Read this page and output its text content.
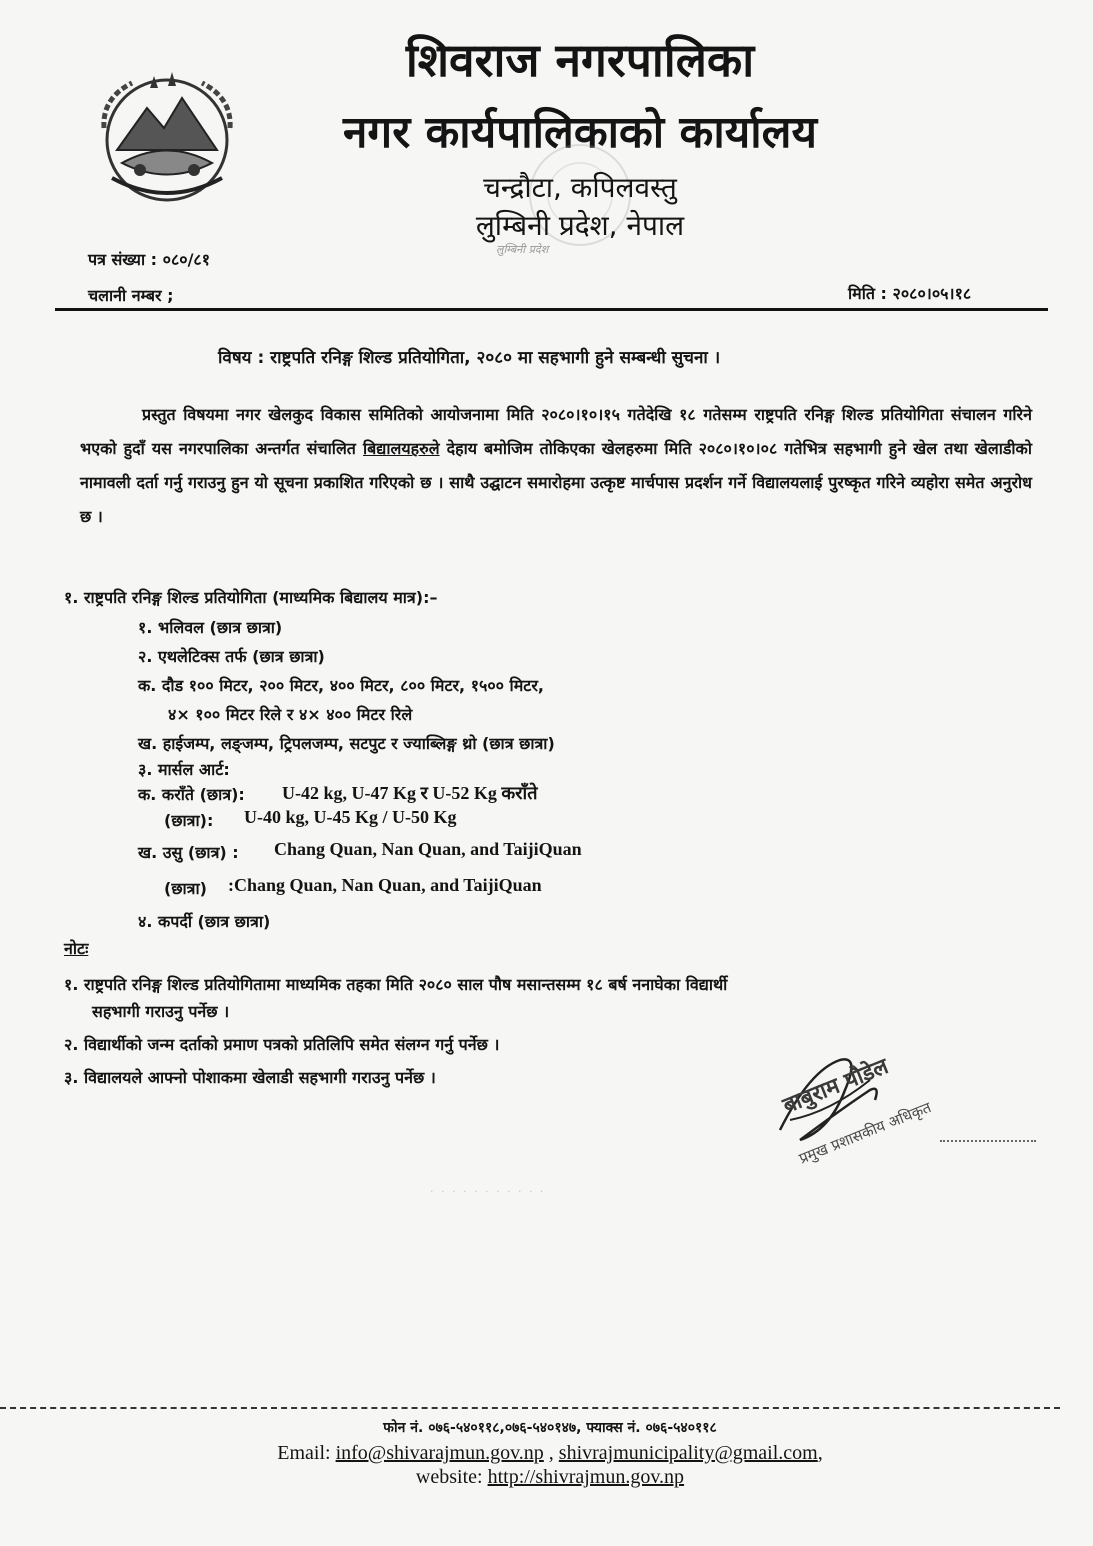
शिवराज नगरपालिका
नगर कार्यपालिकाको कार्यालय
चन्द्रौटा, कपिलवस्तु
लुम्बिनी प्रदेश, नेपाल
लुम्बिनी प्रदेश
पत्र संख्या : ०८०/८१
चलानी नम्बर ;	मिति : २०८०।०५।१८
विषय : राष्ट्रपति रनिङ्ग शिल्ड प्रतियोगिता, २०८० मा सहभागी हुने सम्बन्धी सुचना ।
प्रस्तुत विषयमा नगर खेलकुद विकास समितिको आयोजनामा मिति २०८०।१०।१५ गतेदेखि १८ गतेसम्म राष्ट्रपति रनिङ्ग शिल्ड प्रतियोगिता संचालन गरिने भएको हुदाँ यस नगरपालिका अन्तर्गत संचालित बिद्यालयहरुले देहाय बमोजिम तोकिएका खेलहरुमा मिति २०८०।१०।०८ गतेभित्र सहभागी हुने खेल तथा खेलाडीको नामावली दर्ता गर्नु गराउनु हुन यो सूचना प्रकाशित गरिएको छ । साथै उद्घाटन समारोहमा उत्कृष्ट मार्चपास प्रदर्शन गर्ने विद्यालयलाई पुरष्कृत गरिने व्यहोरा समेत अनुरोध छ ।
१. राष्ट्रपति रनिङ्ग शिल्ड प्रतियोगिता (माध्यमिक बिद्यालय मात्र):–
१. भलिवल (छात्र छात्रा)
२. एथलेटिक्स तर्फ (छात्र छात्रा)
क. दौड १०० मिटर, २०० मिटर, ४०० मिटर, ८०० मिटर, १५०० मिटर,
४× १०० मिटर रिले र ४× ४०० मिटर रिले
ख. हाईजम्प, लङ्जम्प, ट्रिपलजम्प, सटपुट र ज्याब्लिङ्ग थ्रो (छात्र छात्रा)
३. मार्सल आर्ट:
क. कराँते (छात्र): U-42 kg, U-47 Kg र U-52 Kg कराँते
(छात्रा): U-40 kg, U-45 Kg / U-50 Kg
ख. उसु (छात्र) : Chang Quan, Nan Quan, and TaijiQuan
(छात्रा) :Chang Quan, Nan Quan, and TaijiQuan
४. कपर्दी (छात्र छात्रा)
नोटः
१. राष्ट्रपति रनिङ्ग शिल्ड प्रतियोगितामा माध्यमिक तहका मिति २०८० साल पौष मसान्तसम्म १८ बर्ष ननाघेका विद्यार्थी
सहभागी गराउनु पर्नेछ ।
२. विद्यार्थीको जन्म दर्ताको प्रमाण पत्रको प्रतिलिपि समेत संलग्न गर्नु पर्नेछ ।
३. विद्यालयले आफ्नो पोशाकमा खेलाडी सहभागी गराउनु पर्नेछ ।	बाबुराम पौडेल
प्रमुख प्रशासकीय अधिकृत
· · · · · · · · · · ·
फोन नं. ०७६-५४०११८,०७६-५४०१४७, फ्याक्स नं. ०७६-५४०११८
Email: info@shivarajmun.gov.np , shivrajmunicipality@gmail.com,
website: http://shivrajmun.gov.np
